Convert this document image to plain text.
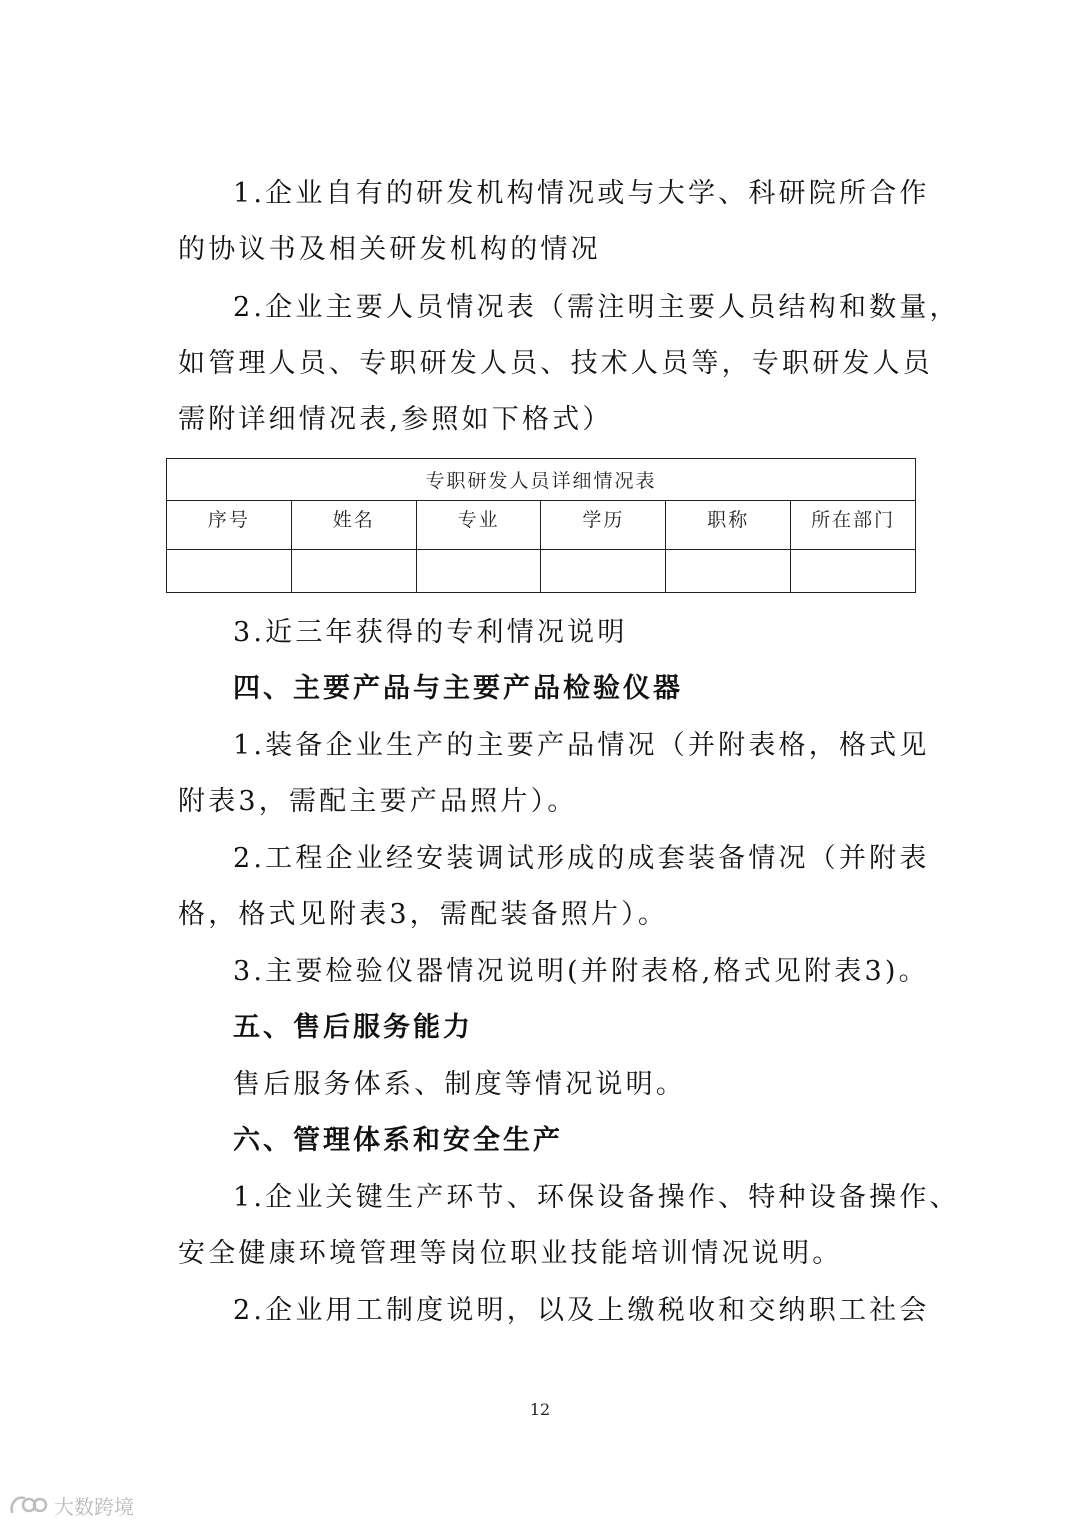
1.企业自有的研发机构情况或与大学、科研院所合作
的协议书及相关研发机构的情况
2.企业主要人员情况表（需注明主要人员结构和数量，
如管理人员、专职研发人员、技术人员等，专职研发人员
需附详细情况表,参照如下格式）
专职研发人员详细情况表					
序号	姓名	专业	学历	职称	所在部门

3.近三年获得的专利情况说明
四、主要产品与主要产品检验仪器
1.装备企业生产的主要产品情况（并附表格，格式见
附表3，需配主要产品照片）。
2.工程企业经安装调试形成的成套装备情况（并附表
格，格式见附表3，需配装备照片）。
3.主要检验仪器情况说明(并附表格,格式见附表3)。
五、售后服务能力
售后服务体系、制度等情况说明。
六、管理体系和安全生产
1.企业关键生产环节、环保设备操作、特种设备操作、
安全健康环境管理等岗位职业技能培训情况说明。
2.企业用工制度说明，以及上缴税收和交纳职工社会
12
大数跨境
